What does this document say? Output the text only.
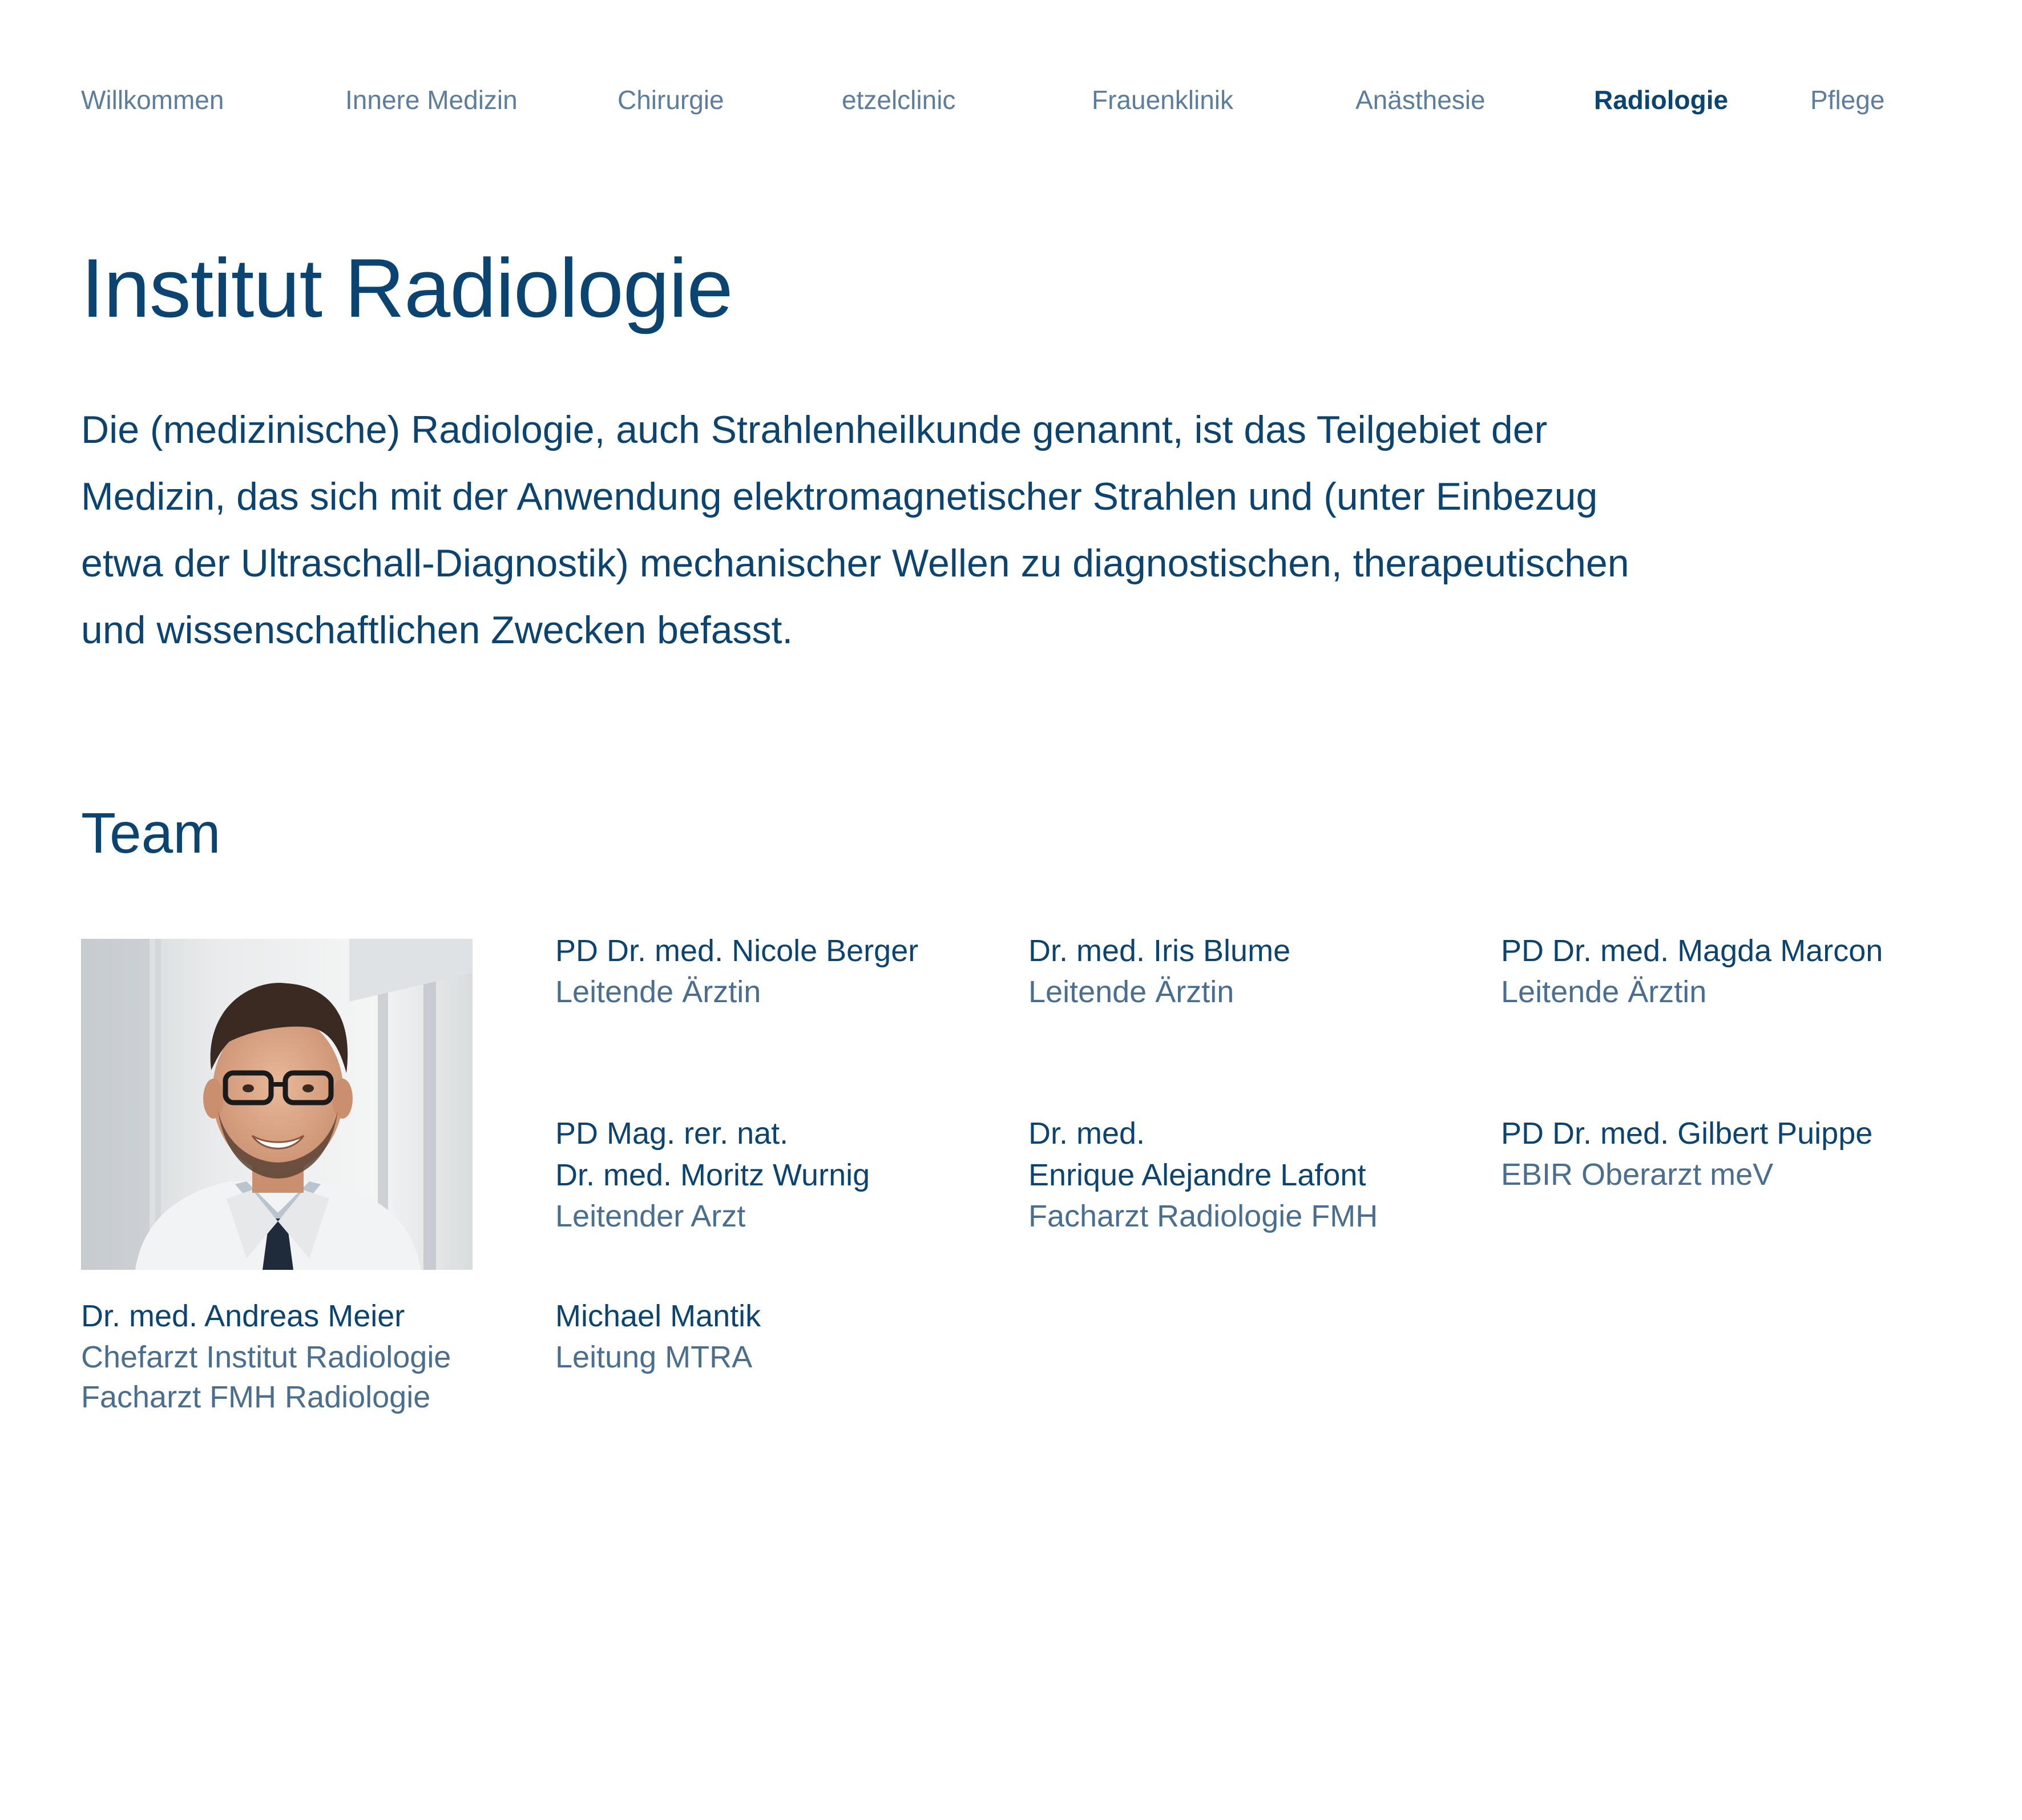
Willkommen	Innere Medizin	Chirurgie	etzelclinic	Frauenklinik	Anästhesie	Radiologie	Pflege
Institut Radiologie

Die (medizinische) Radiologie, auch Strahlenheilkunde genannt, ist das Teilgebiet der Medizin, das sich mit der Anwendung elektromagnetischer Strahlen und (unter Einbezug etwa der Ultraschall-Diagnostik) mechanischer Wellen zu diagnostischen, therapeutischen und wissenschaftlichen Zwecken befasst.

Team
PD Dr. med. Nicole Berger
Leitende Ärztin
Dr. med. Iris Blume
Leitende Ärztin
PD Dr. med. Magda Marcon
Leitende Ärztin
PD Mag. rer. nat.
Dr. med. Moritz Wurnig
Leitender Arzt
Dr. med.
Enrique Alejandre Lafont
Facharzt Radiologie FMH
PD Dr. med. Gilbert Puippe
EBIR Oberarzt meV
Dr. med. Andreas Meier
Chefarzt Institut Radiologie
Facharzt FMH Radiologie
Michael Mantik
Leitung MTRA
